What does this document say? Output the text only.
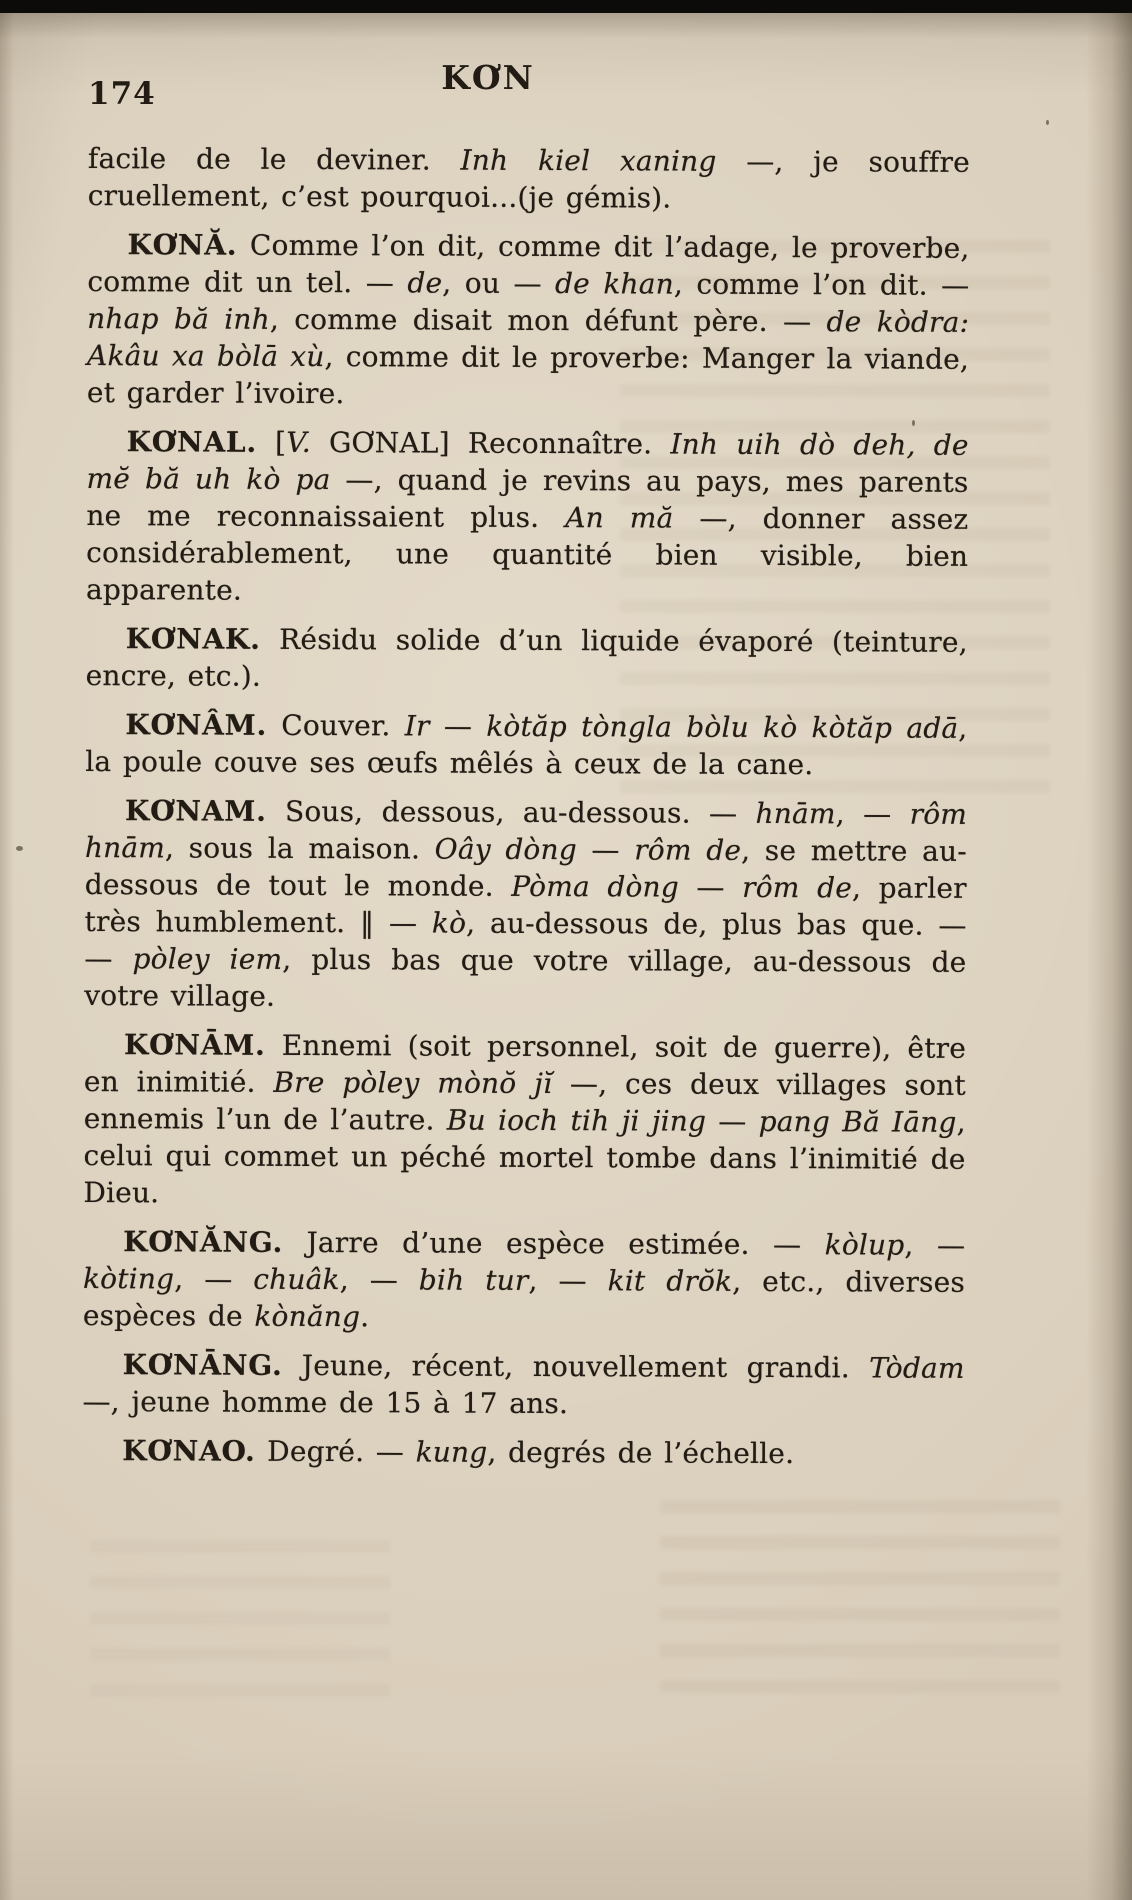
174	KƠN

facile de le deviner. Inh kiel xaning —, je souffre cruellement, c’est pourquoi...(je gémis).

KƠNĂ. Comme l’on dit, comme dit l’adage, le proverbe, comme dit un tel. — de, ou — de khan, comme l’on dit. — nhap bă inh, comme disait mon défunt père. — de kòdra: Akâu xa bòlā xù, comme dit le proverbe: Manger la viande, et garder l’ivoire.

KƠNAL. [V. GƠNAL] Reconnaître. Inh uih dò deh, de mĕ bă uh kò pa —, quand je revins au pays, mes parents ne me reconnaissaient plus. An mă —, donner assez considérablement, une quantité bien visible, bien apparente.

KƠNAK. Résidu solide d’un liquide évaporé (teinture, encre, etc.).

KƠNÂM. Couver. Ir — kòtăp tòngla bòlu kò kòtăp adā, la poule couve ses œufs mêlés à ceux de la cane.

KƠNAM. Sous, dessous, au-dessous. — hnām, — rôm hnām, sous la maison. Oây dòng — rôm de, se mettre au-dessous de tout le monde. Pòma dòng — rôm de, parler très humblement. ‖ — kò, au-dessous de, plus bas que. — — pòley iem, plus bas que votre village, au-dessous de votre village.

KƠNĀM. Ennemi (soit personnel, soit de guerre), être en inimitié. Bre pòley mònŏ jĭ —, ces deux villages sont ennemis l’un de l’autre. Bu ioch tih ji jing — pang Bă Iāng, celui qui commet un péché mortel tombe dans l’inimitié de Dieu.

KƠNĂNG. Jarre d’une espèce estimée. — kòlup, — kòting, — chuâk, — bih tur, — kit drŏk, etc., diverses espèces de kònăng.

KƠNĀNG. Jeune, récent, nouvellement grandi. Tòdam —, jeune homme de 15 à 17 ans.

KƠNAO. Degré. — kung, degrés de l’échelle.
